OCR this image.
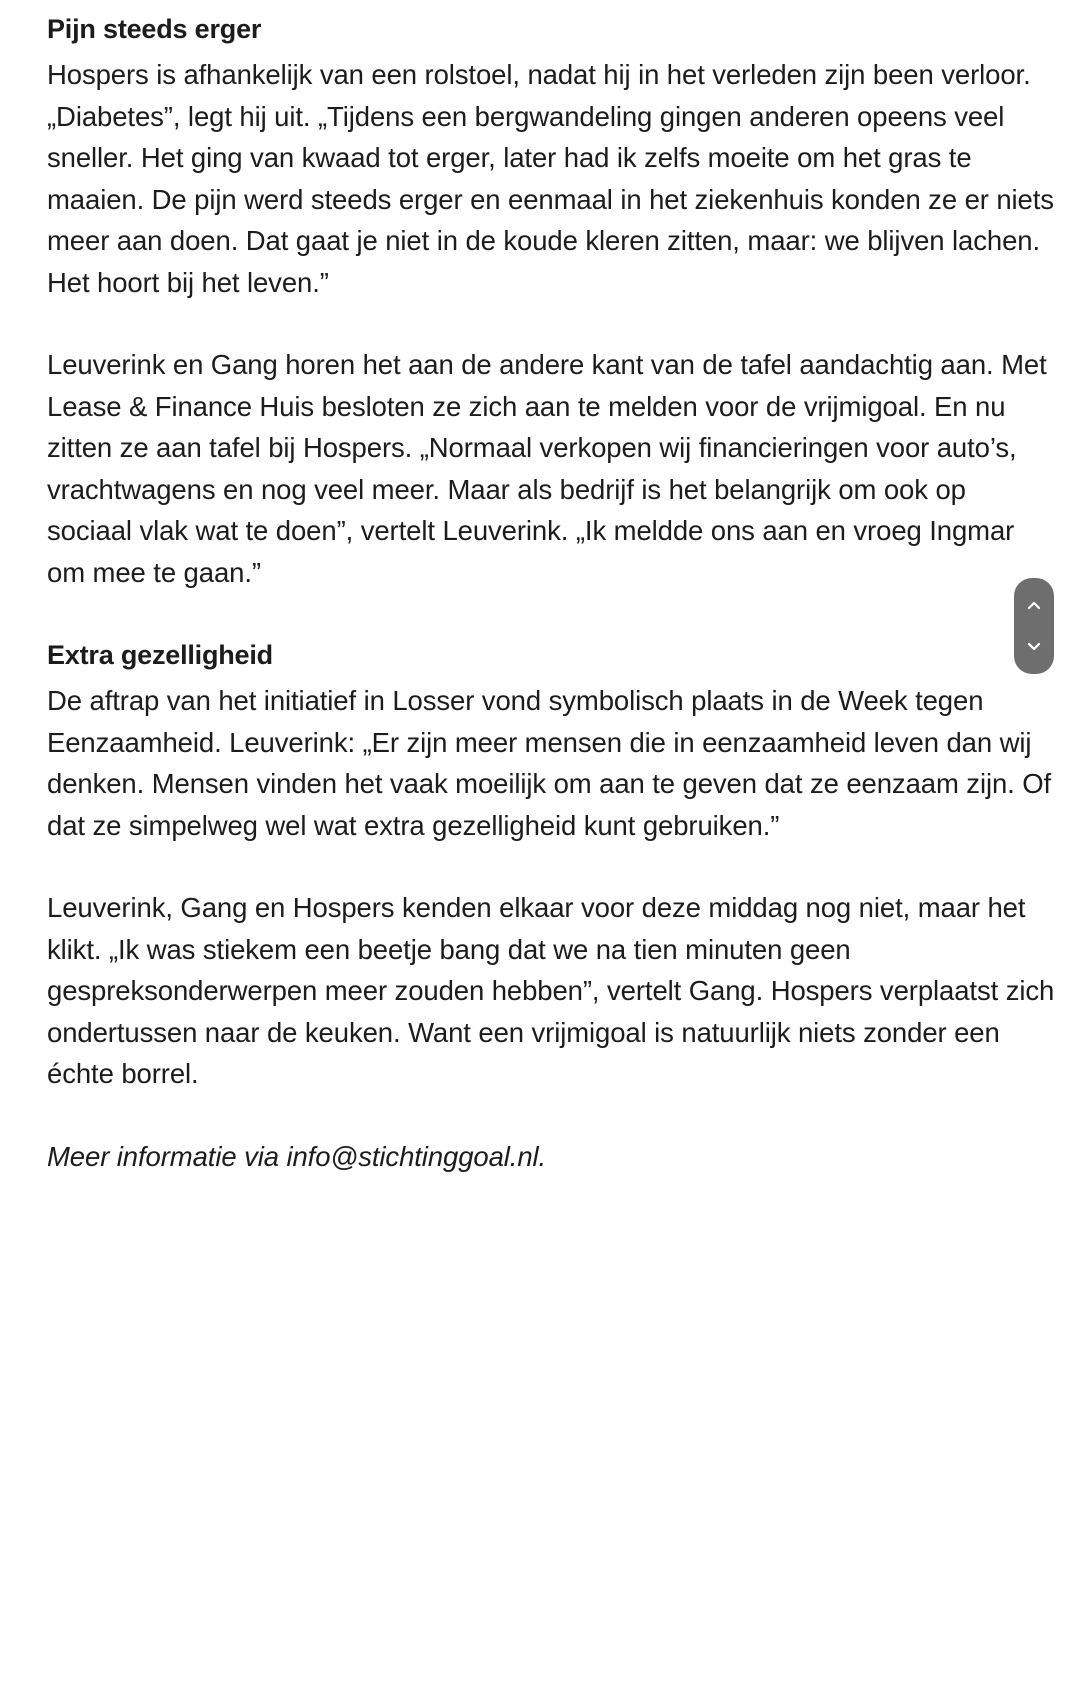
Pijn steeds erger

Hospers is afhankelijk van een rolstoel, nadat hij in het verleden zijn been verloor. „Diabetes”, legt hij uit. „Tijdens een bergwandeling gingen anderen opeens veel sneller. Het ging van kwaad tot erger, later had ik zelfs moeite om het gras te maaien. De pijn werd steeds erger en eenmaal in het ziekenhuis konden ze er niets meer aan doen. Dat gaat je niet in de koude kleren zitten, maar: we blijven lachen. Het hoort bij het leven.”

Leuverink en Gang horen het aan de andere kant van de tafel aandachtig aan. Met Lease & Finance Huis besloten ze zich aan te melden voor de vrijmigoal. En nu zitten ze aan tafel bij Hospers. „Normaal verkopen wij financieringen voor auto’s, vrachtwagens en nog veel meer. Maar als bedrijf is het belangrijk om ook op sociaal vlak wat te doen”, vertelt Leuverink. „Ik meldde ons aan en vroeg Ingmar om mee te gaan.”

Extra gezelligheid

De aftrap van het initiatief in Losser vond symbolisch plaats in de Week tegen Eenzaamheid. Leuverink: „Er zijn meer mensen die in eenzaamheid leven dan wij denken. Mensen vinden het vaak moeilijk om aan te geven dat ze eenzaam zijn. Of dat ze simpelweg wel wat extra gezelligheid kunt gebruiken.”

Leuverink, Gang en Hospers kenden elkaar voor deze middag nog niet, maar het klikt. „Ik was stiekem een beetje bang dat we na tien minuten geen gespreksonderwerpen meer zouden hebben”, vertelt Gang. Hospers verplaatst zich ondertussen naar de keuken. Want een vrijmigoal is natuurlijk niets zonder een échte borrel.

Meer informatie via info@stichtinggoal.nl.
